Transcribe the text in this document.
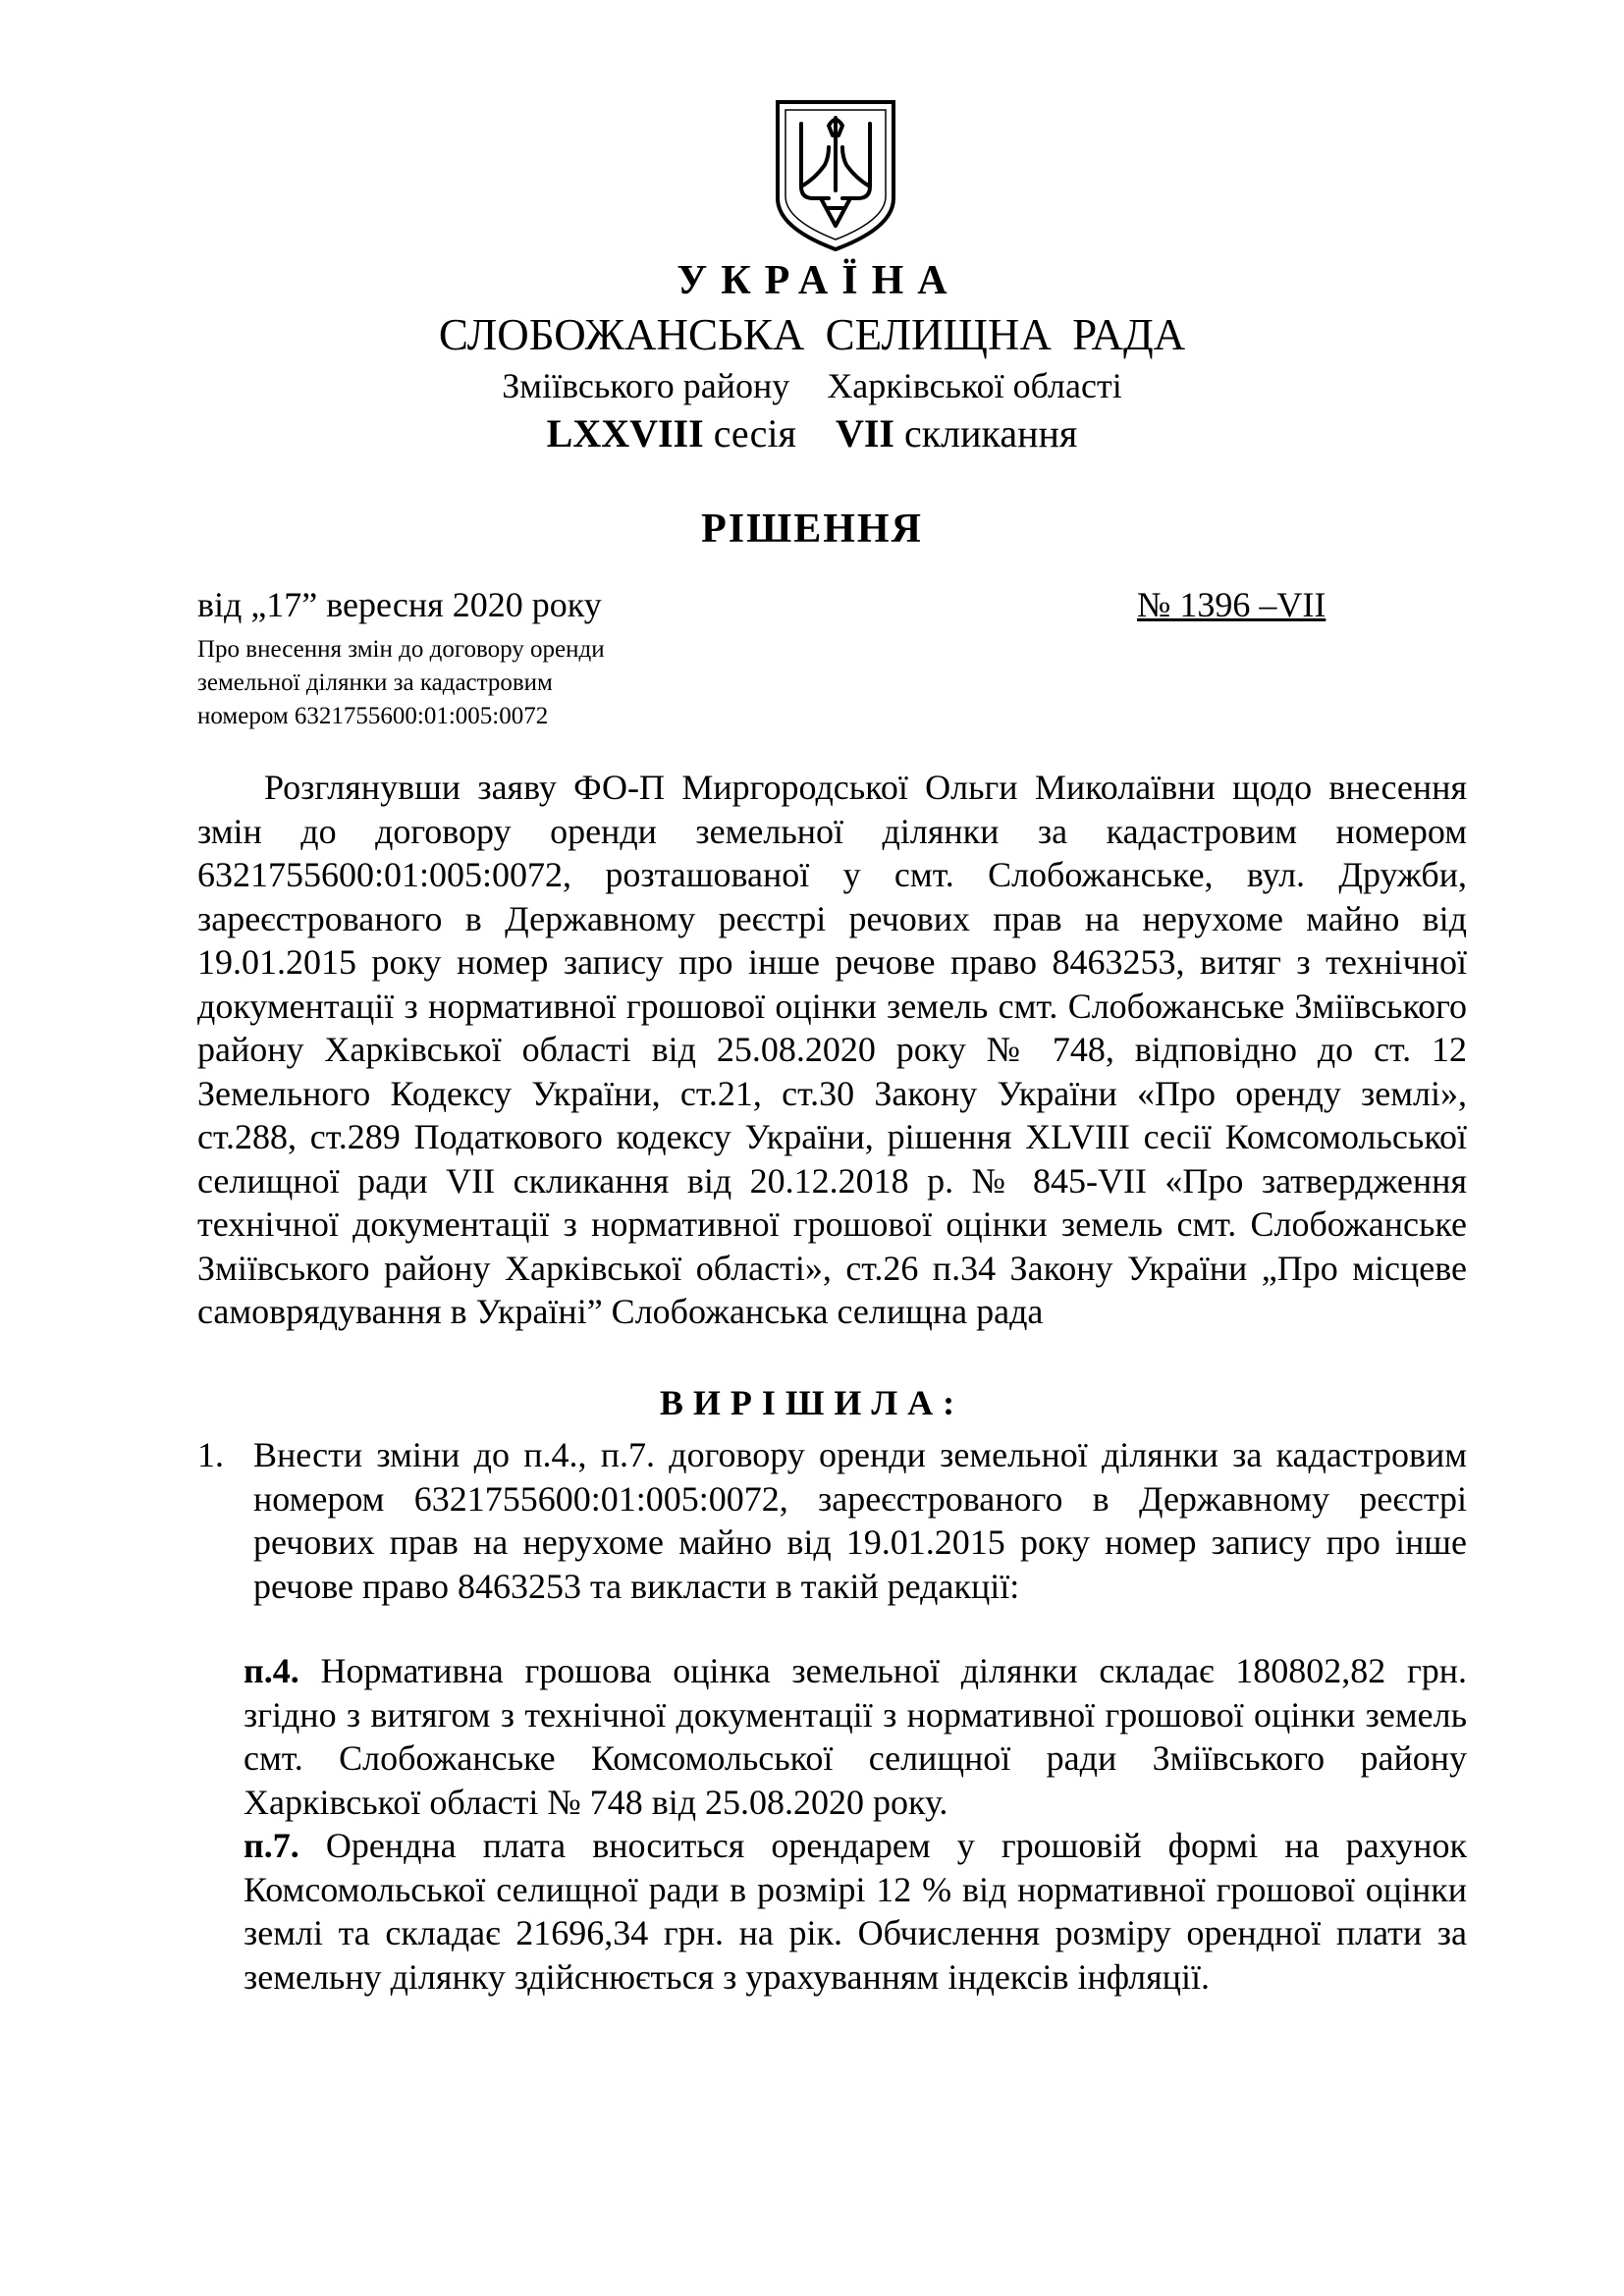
УКРАЇНА
СЛОБОЖАНСЬКА СЕЛИЩНА РАДА
Зміївського району Харківської області
LXXVIII сесія VII скликання
РІШЕННЯ
від „17” вересня 2020 року	№ 1396 –VII
Про внесення змін до договору оренди
земельної ділянки за кадастровим
номером 6321755600:01:005:0072

Розглянувши заяву ФО-П Миргородської Ольги Миколаївни щодо внесення змін до договору оренди земельної ділянки за кадастровим номером 6321755600:01:005:0072, розташованої у смт. Слобожанське, вул. Дружби, зареєстрованого в Державному реєстрі речових прав на нерухоме майно від 19.01.2015 року номер запису про інше речове право 8463253, витяг з технічної документації з нормативної грошової оцінки земель смт. Слобожанське Зміївського району Харківської області від 25.08.2020 року № 748, відповідно до ст. 12 Земельного Кодексу України, ст.21, ст.30 Закону України «Про оренду землі», ст.288, ст.289 Податкового кодексу України, рішення XLVIII сесії Комсомольської селищної ради VII скликання від 20.12.2018 р. № 845-VII «Про затвердження технічної документації з нормативної грошової оцінки земель смт. Слобожанське Зміївського району Харківської області», ст.26 п.34 Закону України „Про місцеве самоврядування в Україні” Слобожанська селищна рада

ВИРІШИЛА:
1. Внести зміни до п.4., п.7. договору оренди земельної ділянки за кадастровим номером 6321755600:01:005:0072, зареєстрованого в Державному реєстрі речових прав на нерухоме майно від 19.01.2015 року номер запису про інше речове право 8463253 та викласти в такій редакції:

п.4. Нормативна грошова оцінка земельної ділянки складає 180802,82 грн. згідно з витягом з технічної документації з нормативної грошової оцінки земель смт. Слобожанське Комсомольської селищної ради Зміївського району Харківської області № 748 від 25.08.2020 року.

п.7. Орендна плата вноситься орендарем у грошовій формі на рахунок Комсомольської селищної ради в розмірі 12 % від нормативної грошової оцінки землі та складає 21696,34 грн. на рік. Обчислення розміру орендної плати за земельну ділянку здійснюється з урахуванням індексів інфляції.
